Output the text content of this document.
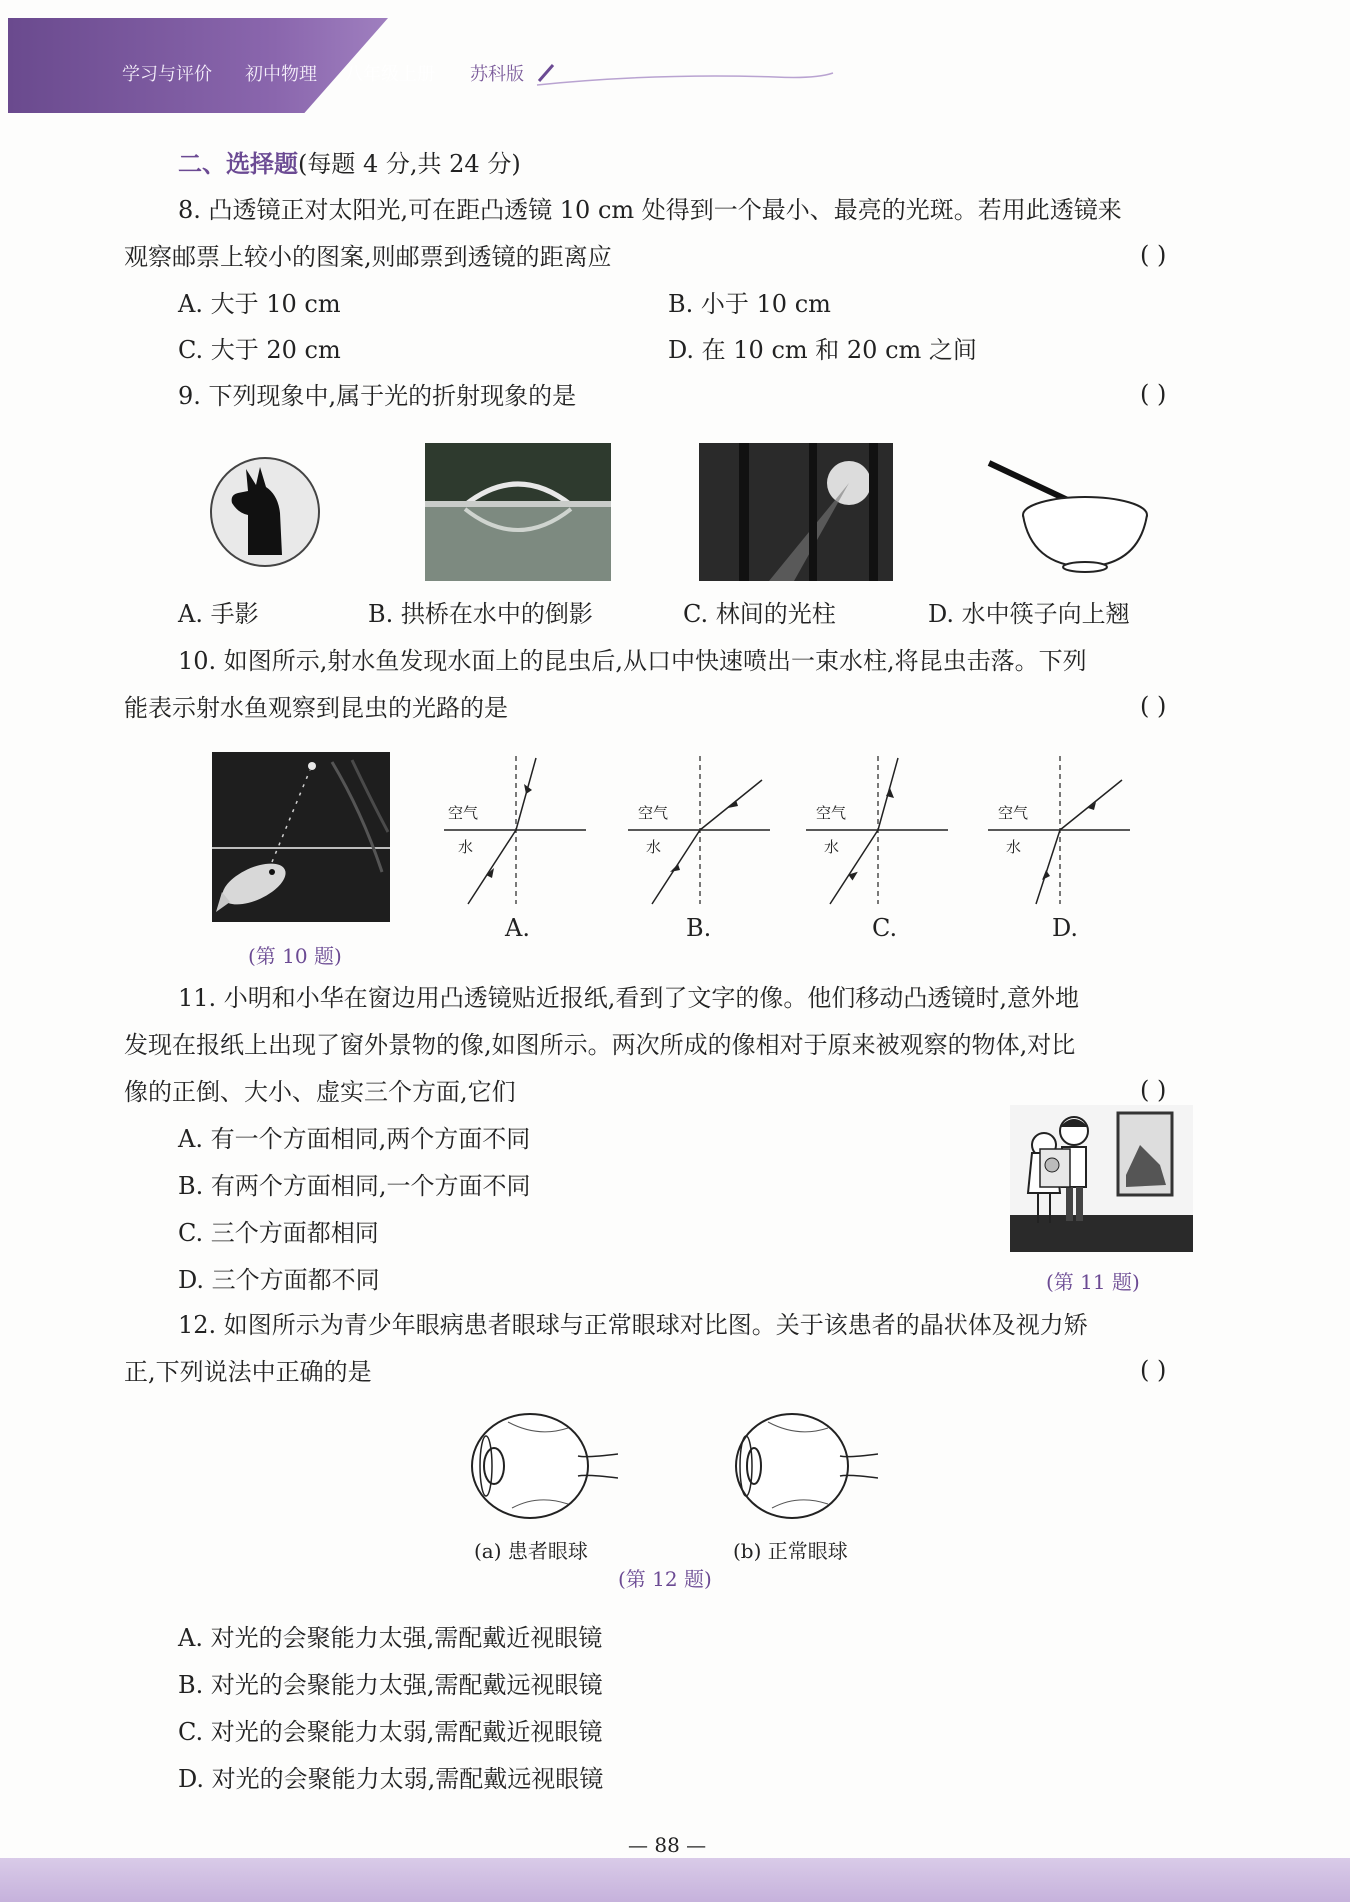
学习与评价 初中物理 八年级上册 苏科版
二、选择题(每题 4 分,共 24 分)
8. 凸透镜正对太阳光,可在距凸透镜 10 cm 处得到一个最小、最亮的光斑。若用此透镜来
观察邮票上较小的图案,则邮票到透镜的距离应	( )
A. 大于 10 cm	B. 小于 10 cm
C. 大于 20 cm	D. 在 10 cm 和 20 cm 之间
9. 下列现象中,属于光的折射现象的是	( )
A. 手影	B. 拱桥在水中的倒影	C. 林间的光柱	D. 水中筷子向上翘
10. 如图所示,射水鱼发现水面上的昆虫后,从口中快速喷出一束水柱,将昆虫击落。下列
能表示射水鱼观察到昆虫的光路的是	( )
(第 10 题)
空气
水
空气
水
空气
水
空气
水
A.	B.	C.	D.
11. 小明和小华在窗边用凸透镜贴近报纸,看到了文字的像。他们移动凸透镜时,意外地
发现在报纸上出现了窗外景物的像,如图所示。两次所成的像相对于原来被观察的物体,对比
像的正倒、大小、虚实三个方面,它们	( )
A. 有一个方面相同,两个方面不同
B. 有两个方面相同,一个方面不同
C. 三个方面都相同
D. 三个方面都不同	(第 11 题)
12. 如图所示为青少年眼病患者眼球与正常眼球对比图。关于该患者的晶状体及视力矫
正,下列说法中正确的是	( )
(a) 患者眼球	(b) 正常眼球
(第 12 题)
A. 对光的会聚能力太强,需配戴近视眼镜
B. 对光的会聚能力太强,需配戴远视眼镜
C. 对光的会聚能力太弱,需配戴近视眼镜
D. 对光的会聚能力太弱,需配戴远视眼镜
— 88 —
